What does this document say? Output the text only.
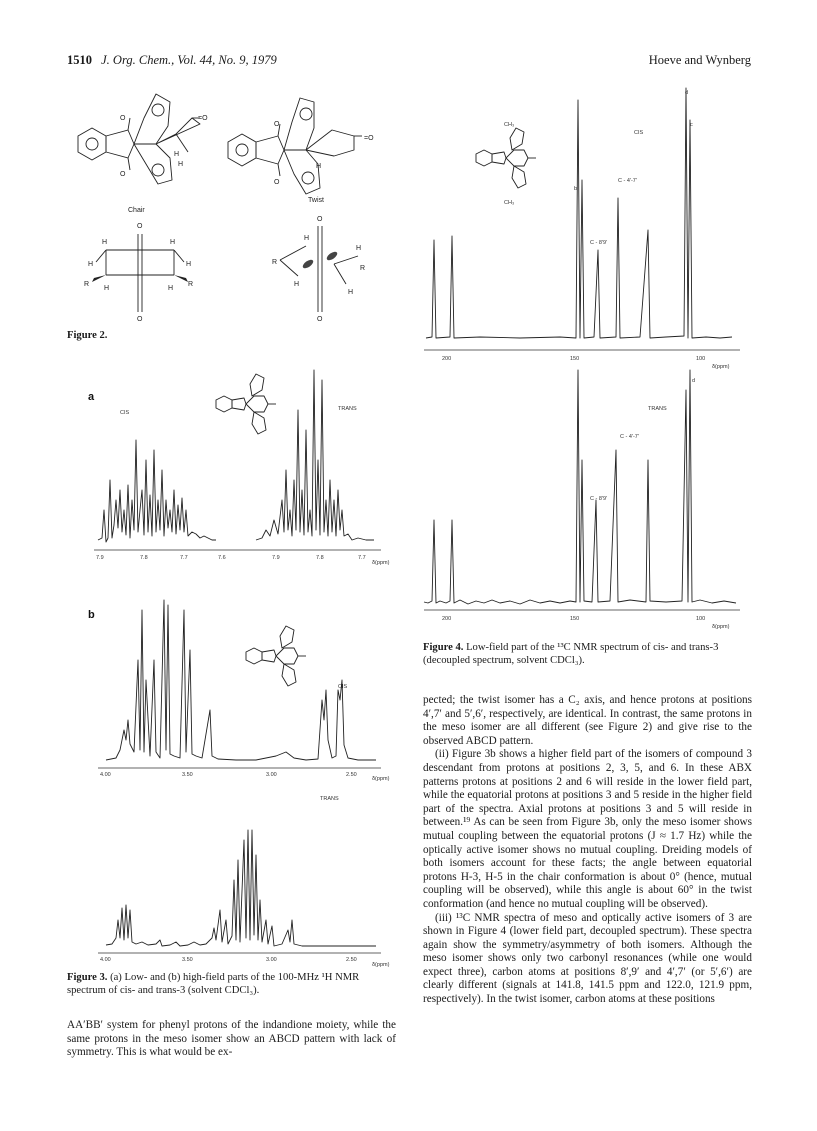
1510 J. Org. Chem., Vol. 44, No. 9, 1979	Hoeve and Wynberg
O
O
=O
H
H
O
O
=O
H
Chair
Twist
O
O
H	H
H	H
R	R
H	H
O
O
R
R
H
H
H
H
Figure 2.
a
CIS
TRANS
7.9	7.8	7.7	7.6	7.9	7.8	7.7
δ(ppm)
b
CIS
4.00	3.50	3.00	2.50
δ(ppm)
TRANS
4.00	3.50	3.00	2.50
δ(ppm)
Figure 3. (a) Low- and (b) high-field parts of the 100-MHz ¹H NMR spectrum of cis- and trans-3 (solvent CDCl₃).

AA′BB′ system for phenyl protons of the indandione moiety, while the same protons in the meso isomer show an ABCD pattern with lack of symmetry. This is what would be ex-

CH₃
CH₃
CIS
C - 4'-7'
C - 8'9'
d
c
b
200	150	100
δ(ppm)
TRANS
C - 4'-7'
C - 8'9'
d
200	150	100
δ(ppm)
Figure 4. Low-field part of the ¹³C NMR spectrum of cis- and trans-3 (decoupled spectrum, solvent CDCl₃).

pected; the twist isomer has a C₂ axis, and hence protons at positions 4′,7′ and 5′,6′, respectively, are identical. In contrast, the same protons in the meso isomer are all different (see Figure 2) and give rise to the observed ABCD pattern.

(ii) Figure 3b shows a higher field part of the isomers of compound 3 descendant from protons at positions 2, 3, 5, and 6. In these ABX patterns protons at positions 2 and 6 will reside in the lower field part, while the equatorial protons at positions 3 and 5 reside in the higher field part of the spectra. Axial protons at positions 3 and 5 will reside in between.¹⁹ As can be seen from Figure 3b, only the meso isomer shows mutual coupling between the equatorial protons (J ≈ 1.7 Hz) while the optically active isomer shows no mutual coupling. Dreiding models of both isomers account for these facts; the angle between equatorial protons H-3, H-5 in the chair conformation is about 0° (hence, mutual coupling will be observed), while this angle is about 60° in the twist conformation (and hence no mutual coupling will be observed).

(iii) ¹³C NMR spectra of meso and optically active isomers of 3 are shown in Figure 4 (lower field part, decoupled spectrum). These spectra again show the symmetry/asymmetry of both isomers. Although the meso isomer shows only two carbonyl resonances (while one would expect three), carbon atoms at positions 8′,9′ and 4′,7′ (or 5′,6′) are clearly different (signals at 141.8, 141.5 ppm and 122.0, 121.9 ppm, respectively). In the twist isomer, carbon atoms at these positions
